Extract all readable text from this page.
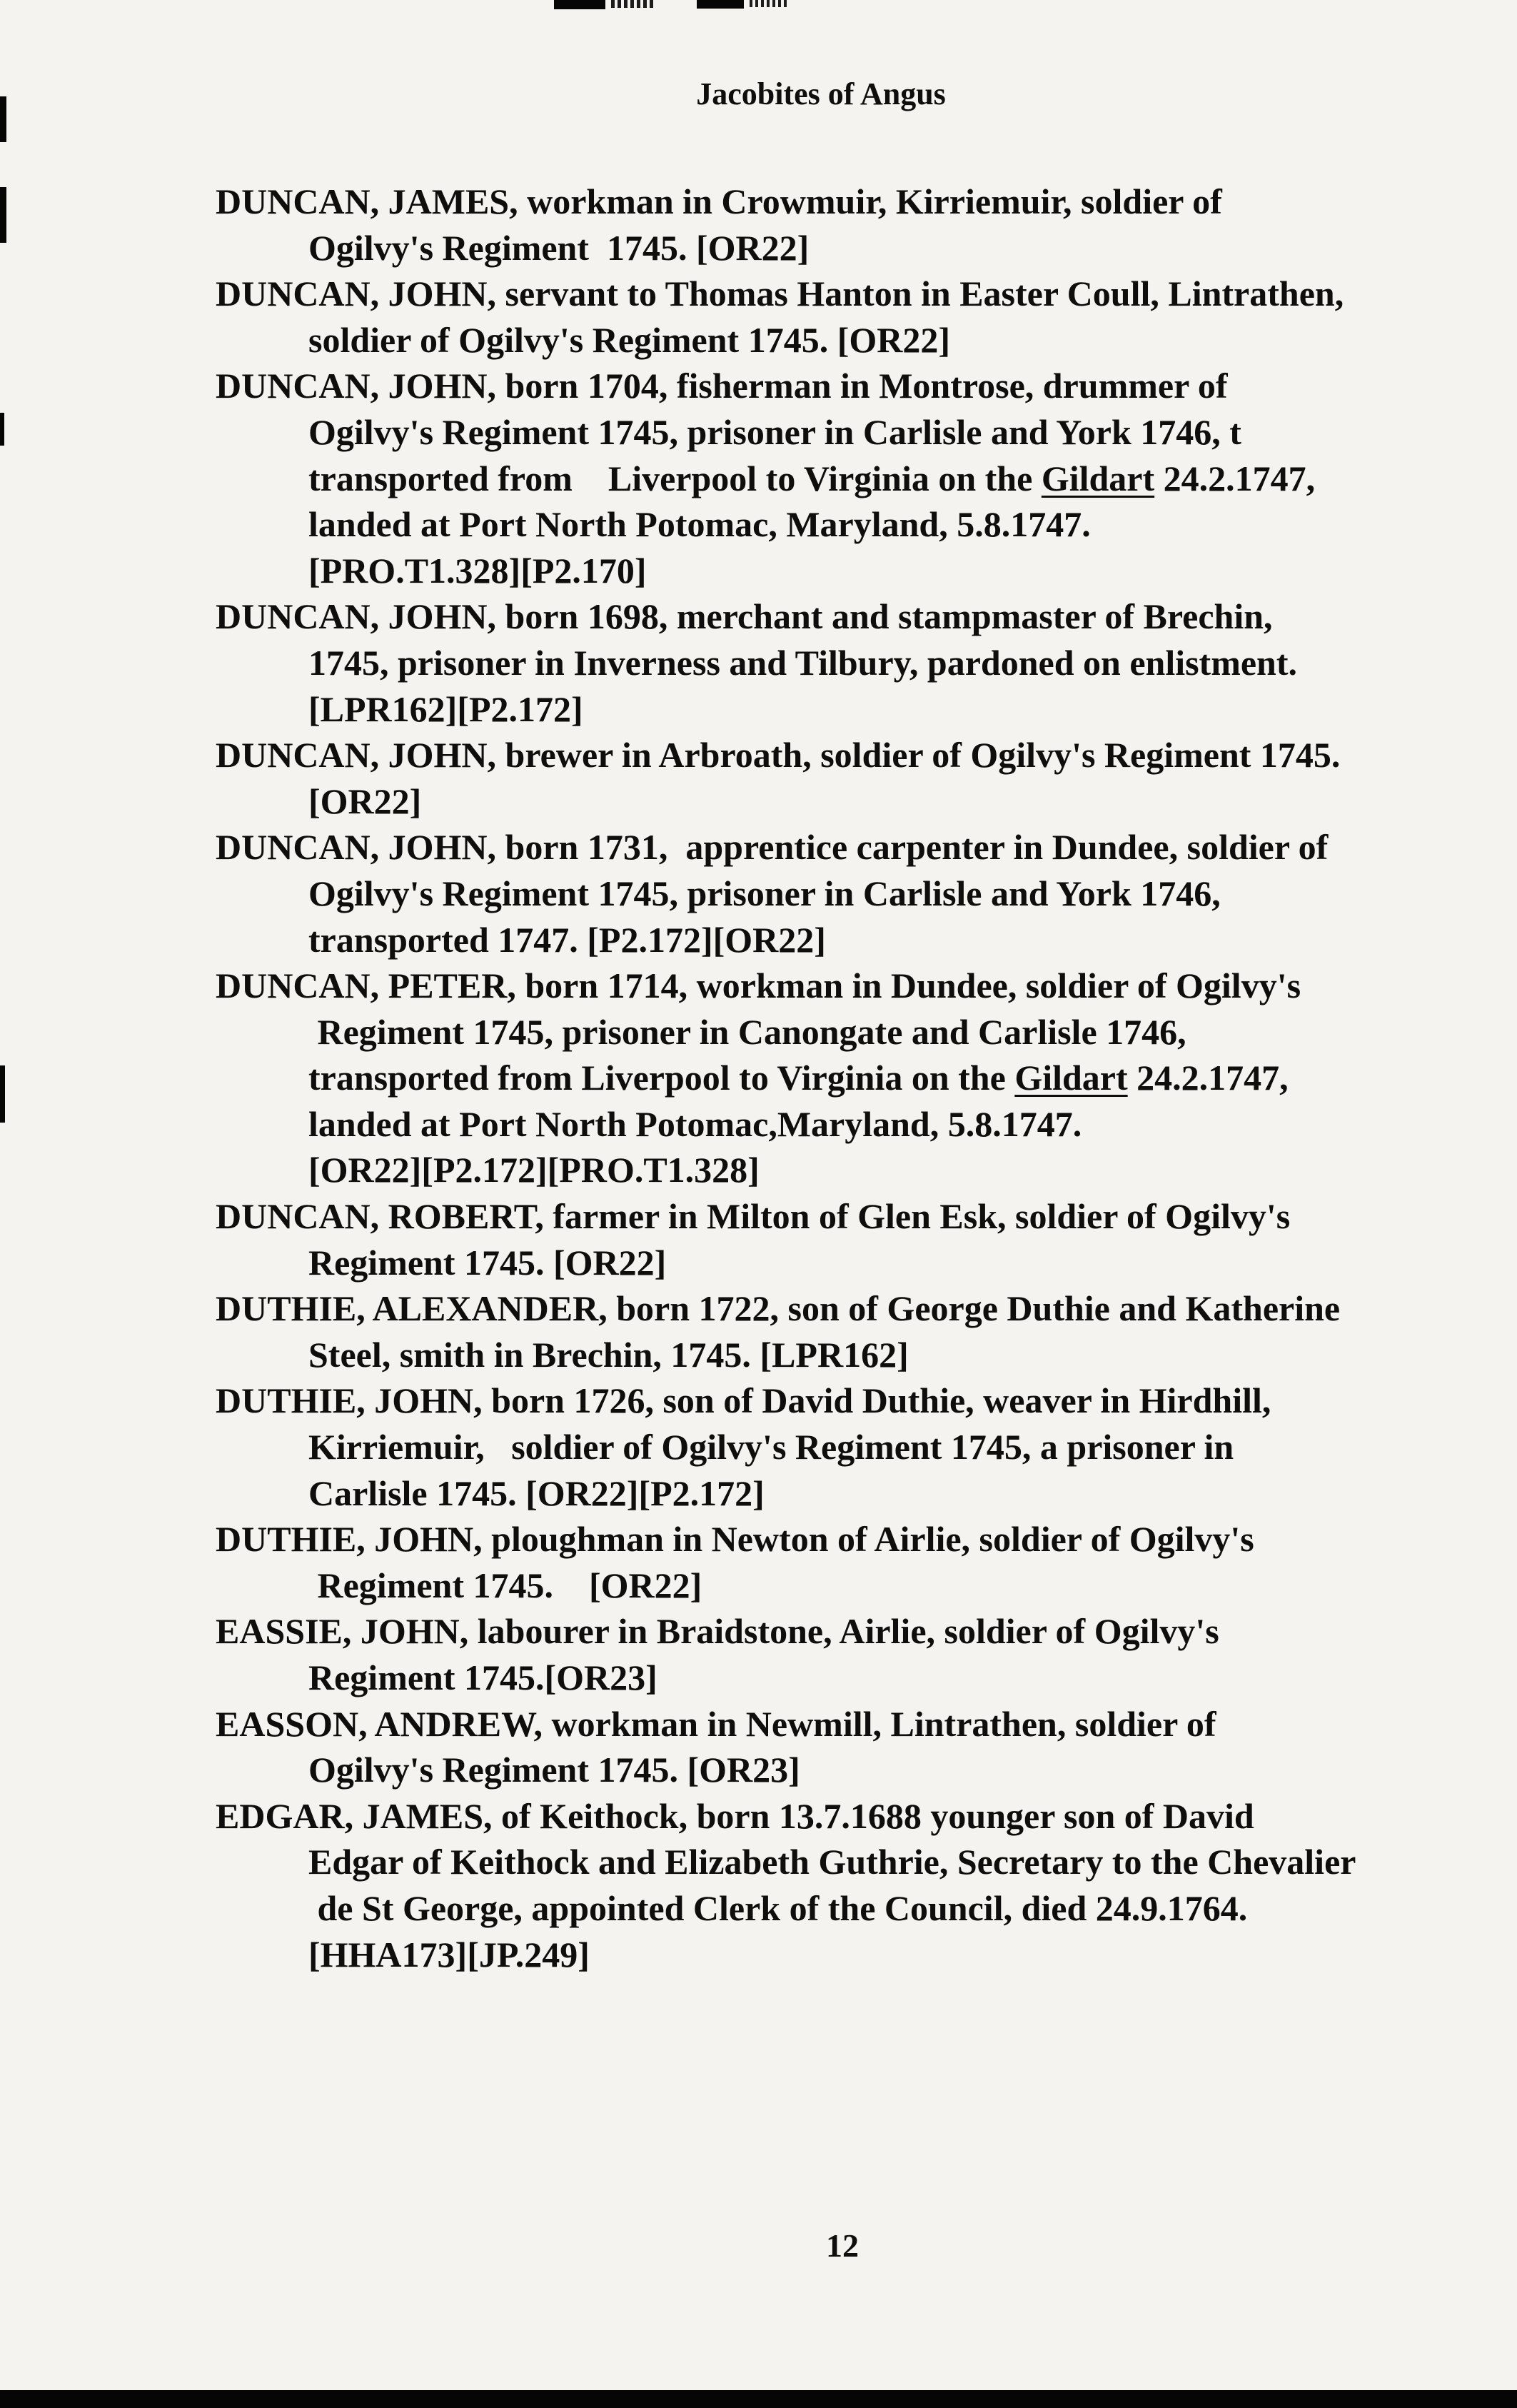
Jacobites of Angus

DUNCAN, JAMES, workman in Crowmuir, Kirriemuir, soldier of
Ogilvy's Regiment  1745. [OR22]

DUNCAN, JOHN, servant to Thomas Hanton in Easter Coull, Lintrathen,
soldier of Ogilvy's Regiment 1745. [OR22]

DUNCAN, JOHN, born 1704, fisherman in Montrose, drummer of
Ogilvy's Regiment 1745, prisoner in Carlisle and York 1746, t
transported from    Liverpool to Virginia on the Gildart 24.2.1747,
landed at Port North Potomac, Maryland, 5.8.1747.
[PRO.T1.328][P2.170]

DUNCAN, JOHN, born 1698, merchant and stampmaster of Brechin,
1745, prisoner in Inverness and Tilbury, pardoned on enlistment.
[LPR162][P2.172]

DUNCAN, JOHN, brewer in Arbroath, soldier of Ogilvy's Regiment 1745.
[OR22]

DUNCAN, JOHN, born 1731,  apprentice carpenter in Dundee, soldier of
Ogilvy's Regiment 1745, prisoner in Carlisle and York 1746,
transported 1747. [P2.172][OR22]

DUNCAN, PETER, born 1714, workman in Dundee, soldier of Ogilvy's
Regiment 1745, prisoner in Canongate and Carlisle 1746,
transported from Liverpool to Virginia on the Gildart 24.2.1747,
landed at Port North Potomac,Maryland, 5.8.1747.
[OR22][P2.172][PRO.T1.328]

DUNCAN, ROBERT, farmer in Milton of Glen Esk, soldier of Ogilvy's
Regiment 1745. [OR22]

DUTHIE, ALEXANDER, born 1722, son of George Duthie and Katherine
Steel, smith in Brechin, 1745. [LPR162]

DUTHIE, JOHN, born 1726, son of David Duthie, weaver in Hirdhill,
Kirriemuir,   soldier of Ogilvy's Regiment 1745, a prisoner in
Carlisle 1745. [OR22][P2.172]

DUTHIE, JOHN, ploughman in Newton of Airlie, soldier of Ogilvy's
Regiment 1745.    [OR22]

EASSIE, JOHN, labourer in Braidstone, Airlie, soldier of Ogilvy's
Regiment 1745.[OR23]

EASSON, ANDREW, workman in Newmill, Lintrathen, soldier of
Ogilvy's Regiment 1745. [OR23]

EDGAR, JAMES, of Keithock, born 13.7.1688 younger son of David
Edgar of Keithock and Elizabeth Guthrie, Secretary to the Chevalier
de St George, appointed Clerk of the Council, died 24.9.1764.
[HHA173][JP.249]

12
